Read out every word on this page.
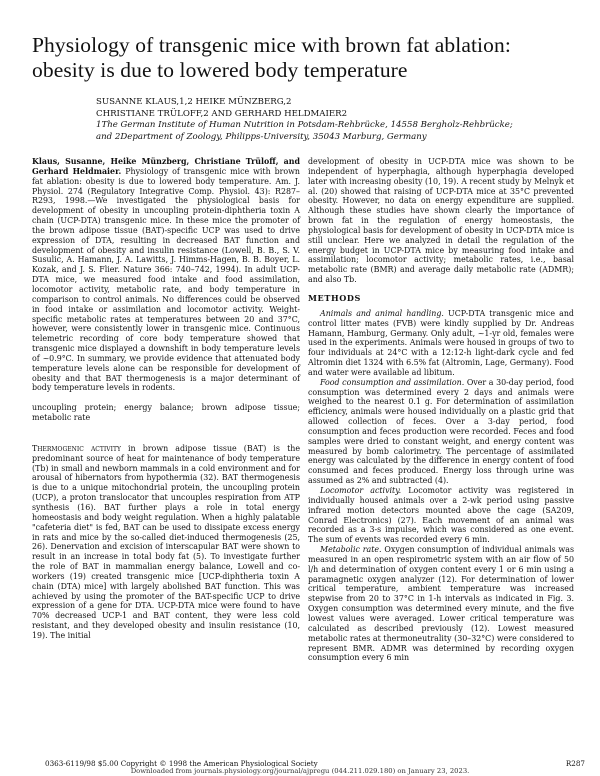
Physiology of transgenic mice with brown fat ablation:
obesity is due to lowered body temperature
SUSANNE KLAUS,1,2 HEIKE MÜNZBERG,2
CHRISTIANE TRÜLOFF,2 AND GERHARD HELDMAIER2
1The German Institute of Human Nutrition in Potsdam-Rehbrücke, 14558 Bergholz-Rehbrücke;
and 2Department of Zoology, Philipps-University, 35043 Marburg, Germany

Klaus, Susanne, Heike Münzberg, Christiane Trüloff, and Gerhard Heldmaier. Physiology of transgenic mice with brown fat ablation: obesity is due to lowered body temperature. Am. J. Physiol. 274 (Regulatory Integrative Comp. Physiol. 43): R287–R293, 1998.—We investigated the physiological basis for development of obesity in uncoupling protein-diphtheria toxin A chain (UCP-DTA) transgenic mice. In these mice the promoter of the brown adipose tissue (BAT)-specific UCP was used to drive expression of DTA, resulting in decreased BAT function and development of obesity and insulin resistance (Lowell, B. B., S. V. Susulic, A. Hamann, J. A. Lawitts, J. Himms-Hagen, B. B. Boyer, L. Kozak, and J. S. Flier. Nature 366: 740–742, 1994). In adult UCP-DTA mice, we measured food intake and food assimilation, locomotor activity, metabolic rate, and body temperature in comparison to control animals. No differences could be observed in food intake or assimilation and locomotor activity. Weight-specific metabolic rates at temperatures between 20 and 37°C, however, were consistently lower in transgenic mice. Continuous telemetric recording of core body temperature showed that transgenic mice displayed a downshift in body temperature levels of ~0.9°C. In summary, we provide evidence that attenuated body temperature levels alone can be responsible for development of obesity and that BAT thermogenesis is a major determinant of body temperature levels in rodents.

uncoupling protein; energy balance; brown adipose tissue; metabolic rate

Thermogenic activity in brown adipose tissue (BAT) is the predominant source of heat for maintenance of body temperature (Tb) in small and newborn mammals in a cold environment and for arousal of hibernators from hypothermia (32). BAT thermogenesis is due to a unique mitochondrial protein, the uncoupling protein (UCP), a proton translocator that uncouples respiration from ATP synthesis (16). BAT further plays a role in total energy homeostasis and body weight regulation. When a highly palatable "cafeteria diet" is fed, BAT can be used to dissipate excess energy in rats and mice by the so-called diet-induced thermogenesis (25, 26). Denervation and excision of interscapular BAT were shown to result in an increase in total body fat (5). To investigate further the role of BAT in mammalian energy balance, Lowell and co-workers (19) created transgenic mice [UCP-diphtheria toxin A chain (DTA) mice] with largely abolished BAT function. This was achieved by using the promoter of the BAT-specific UCP to drive expression of a gene for DTA. UCP-DTA mice were found to have 70% decreased UCP-1 and BAT content, they were less cold resistant, and they developed obesity and insulin resistance (10, 19). The initial

development of obesity in UCP-DTA mice was shown to be independent of hyperphagia, although hyperphagia developed later with increasing obesity (10, 19). A recent study by Melnyk et al. (20) showed that raising of UCP-DTA mice at 35°C prevented obesity. However, no data on energy expenditure are supplied. Although these studies have shown clearly the importance of brown fat in the regulation of energy homeostasis, the physiological basis for development of obesity in UCP-DTA mice is still unclear. Here we analyzed in detail the regulation of the energy budget in UCP-DTA mice by measuring food intake and assimilation; locomotor activity; metabolic rates, i.e., basal metabolic rate (BMR) and average daily metabolic rate (ADMR); and also Tb.

METHODS

Animals and animal handling. UCP-DTA transgenic mice and control litter mates (FVB) were kindly supplied by Dr. Andreas Hamann, Hamburg, Germany. Only adult, ~1-yr old, females were used in the experiments. Animals were housed in groups of two to four individuals at 24°C with a 12:12-h light-dark cycle and fed Altromin diet 1324 with 6.5% fat (Altromin, Lage, Germany). Food and water were available ad libitum.

Food consumption and assimilation. Over a 30-day period, food consumption was determined every 2 days and animals were weighed to the nearest 0.1 g. For determination of assimilation efficiency, animals were housed individually on a plastic grid that allowed collection of feces. Over a 3-day period, food consumption and feces production were recorded. Feces and food samples were dried to constant weight, and energy content was measured by bomb calorimetry. The percentage of assimilated energy was calculated by the difference in energy content of food consumed and feces produced. Energy loss through urine was assumed as 2% and subtracted (4).

Locomotor activity. Locomotor activity was registered in individually housed animals over a 2-wk period using passive infrared motion detectors mounted above the cage (SA209, Conrad Electronics) (27). Each movement of an animal was recorded as a 3-s impulse, which was considered as one event. The sum of events was recorded every 6 min.

Metabolic rate. Oxygen consumption of individual animals was measured in an open respirometric system with an air flow of 50 l/h and determination of oxygen content every 1 or 6 min using a paramagnetic oxygen analyzer (12). For determination of lower critical temperature, ambient temperature was increased stepwise from 20 to 37°C in 1-h intervals as indicated in Fig. 3. Oxygen consumption was determined every minute, and the five lowest values were averaged. Lower critical temperature was calculated as described previously (12). Lowest measured metabolic rates at thermoneutrality (30–32°C) were considered to represent BMR. ADMR was determined by recording oxygen consumption every 6 min

0363-6119/98 $5.00 Copyright © 1998 the American Physiological Society	R287
Downloaded from journals.physiology.org/journal/ajpregu (044.211.029.180) on January 23, 2023.
